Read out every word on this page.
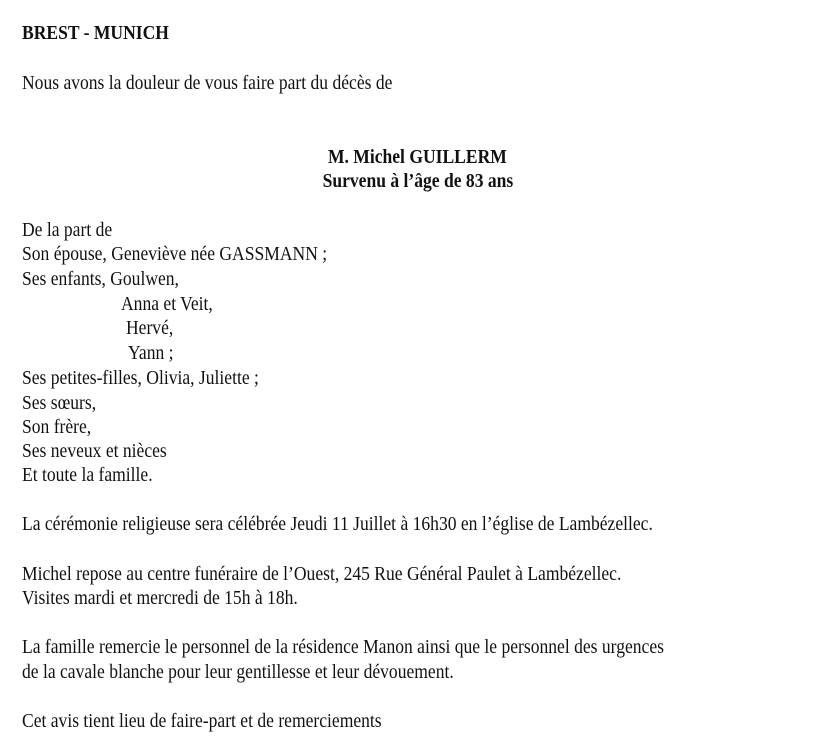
BREST - MUNICH
Nous avons la douleur de vous faire part du décès de
M. Michel GUILLERM
Survenu à l’âge de 83 ans
De la part de
Son épouse, Geneviève née GASSMANN ;
Ses enfants, Goulwen,
Anna et Veit,
Hervé,
Yann ;
Ses petites-filles, Olivia, Juliette ;
Ses sœurs,
Son frère,
Ses neveux et nièces
Et toute la famille.
La cérémonie religieuse sera célébrée Jeudi 11 Juillet à 16h30 en l’église de Lambézellec.
Michel repose au centre funéraire de l’Ouest, 245 Rue Général Paulet à Lambézellec.
Visites mardi et mercredi de 15h à 18h.
La famille remercie le personnel de la résidence Manon ainsi que le personnel des urgences
de la cavale blanche pour leur gentillesse et leur dévouement.
Cet avis tient lieu de faire-part et de remerciements
